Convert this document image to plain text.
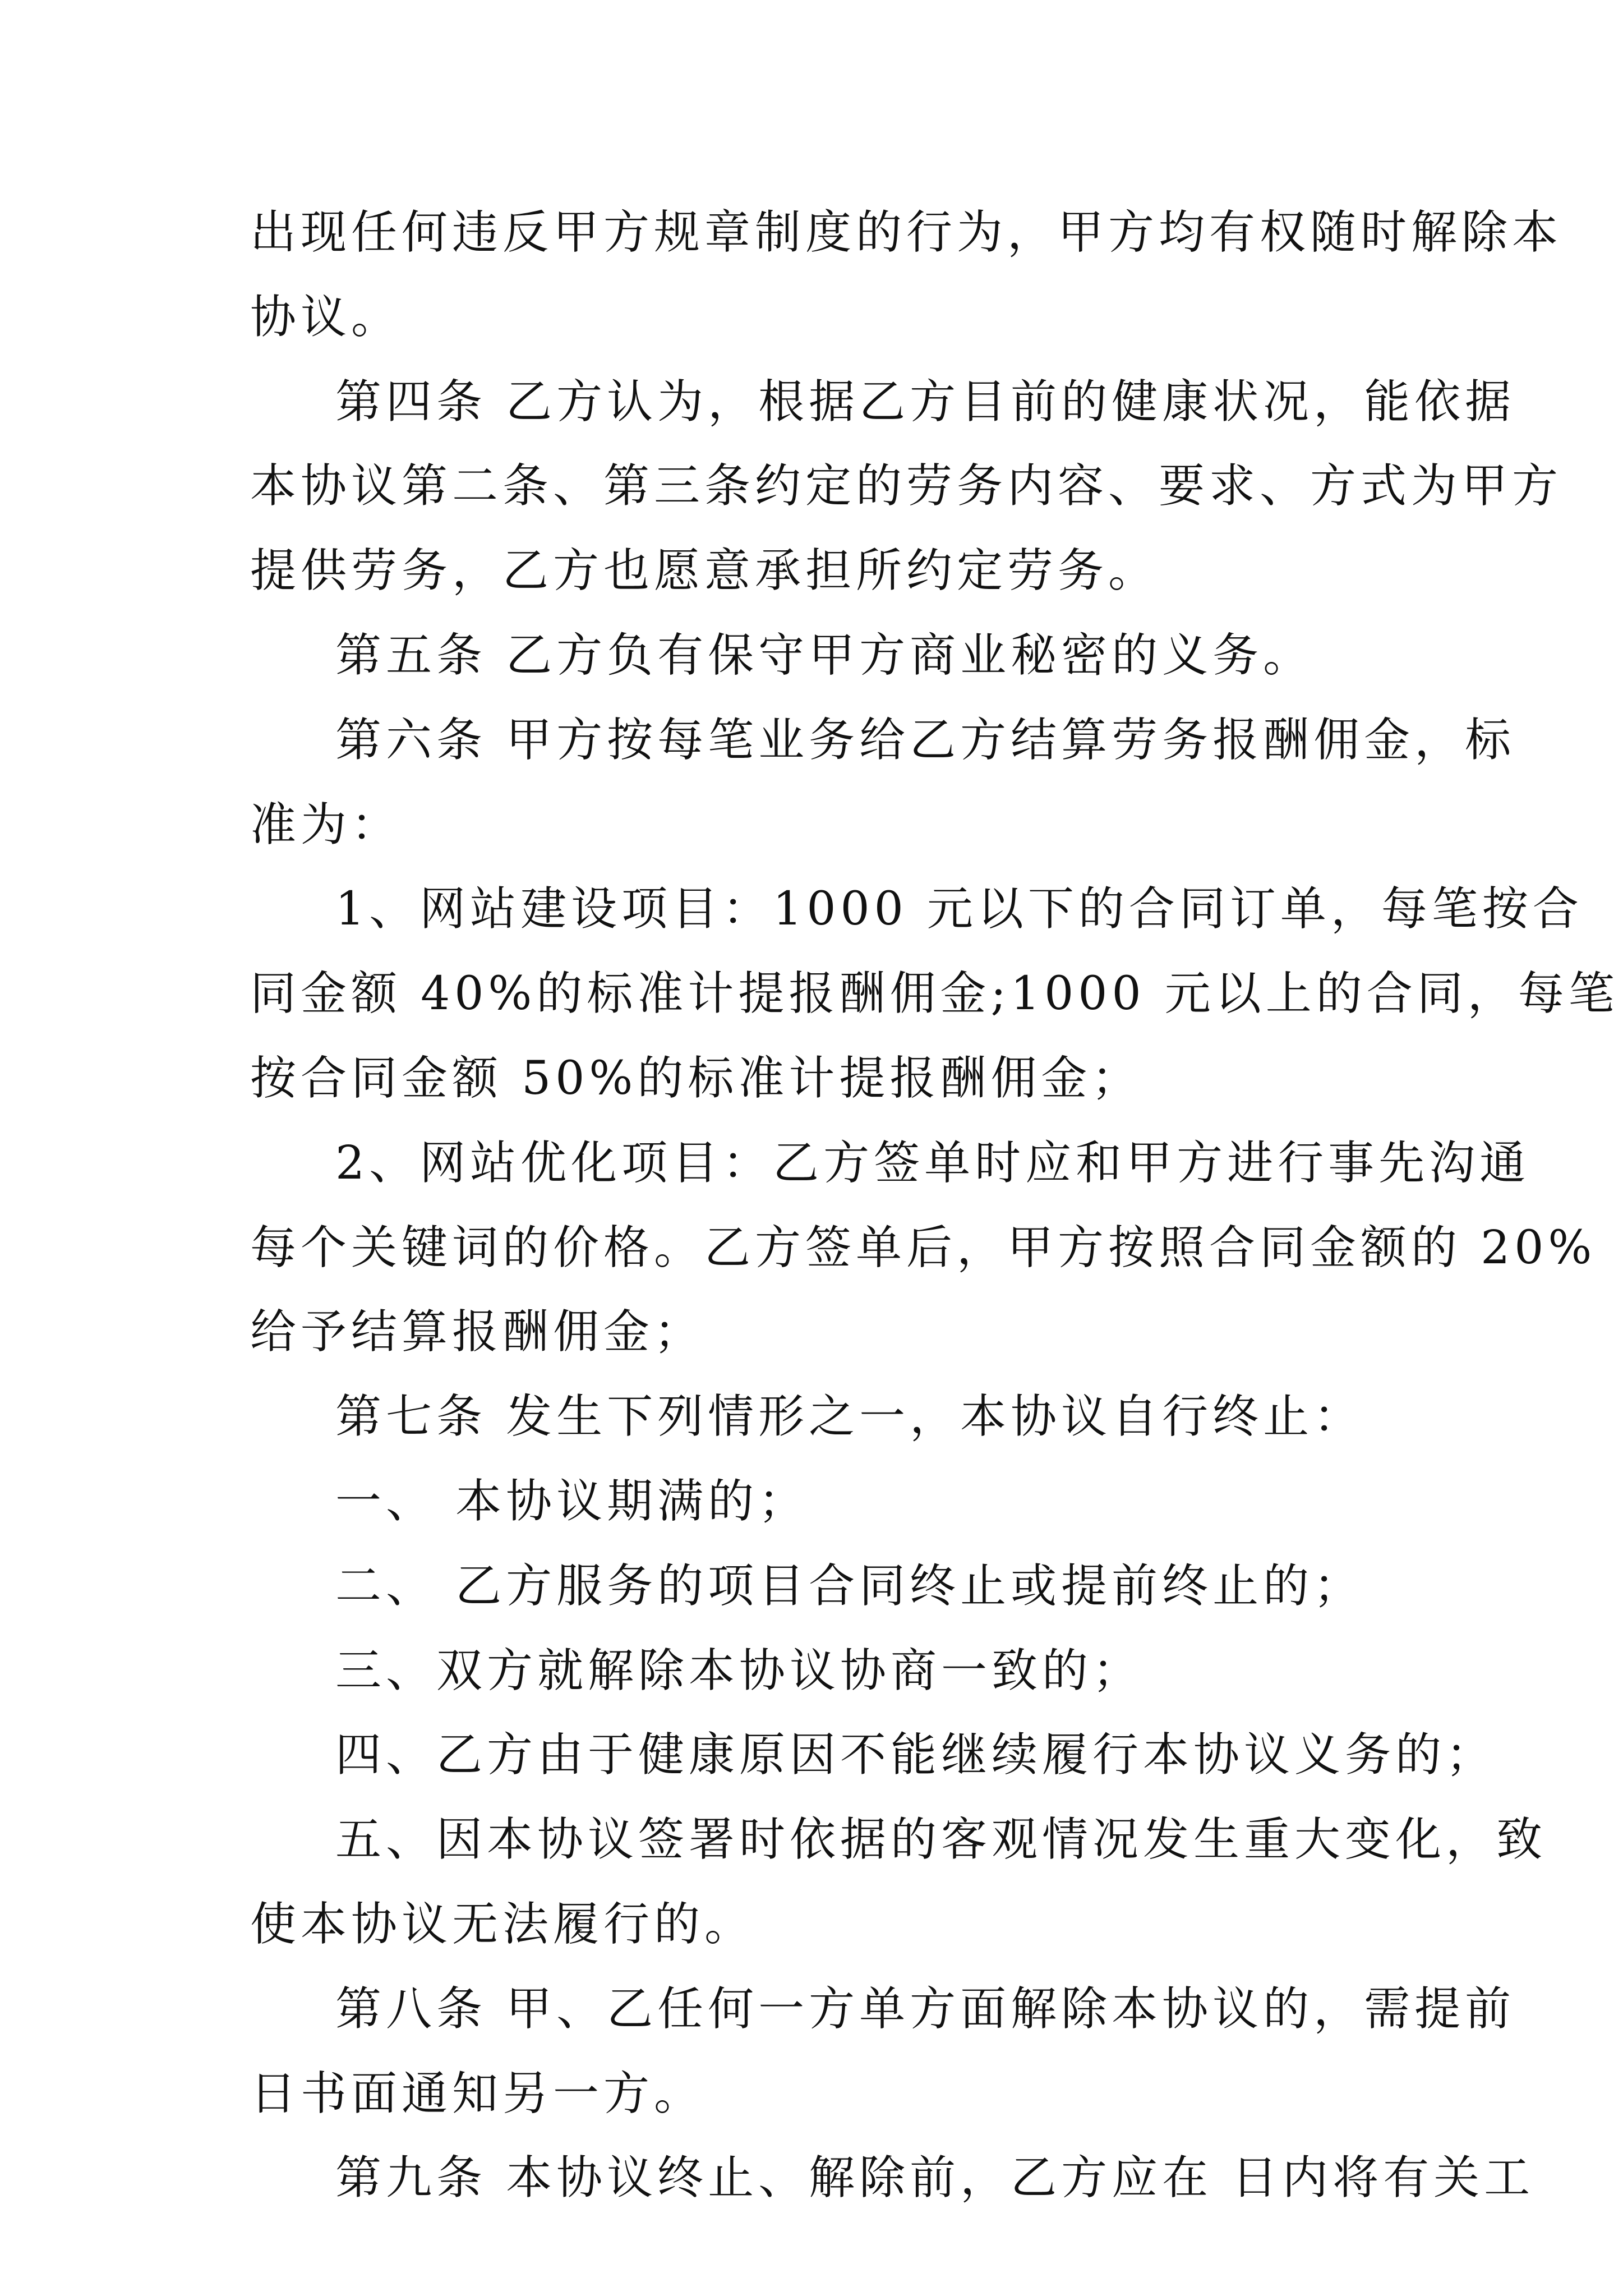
出现任何违反甲方规章制度的行为，甲方均有权随时解除本
协议。
第四条 乙方认为，根据乙方目前的健康状况，能依据
本协议第二条、第三条约定的劳务内容、要求、方式为甲方
提供劳务，乙方也愿意承担所约定劳务。
第五条 乙方负有保守甲方商业秘密的义务。
第六条 甲方按每笔业务给乙方结算劳务报酬佣金，标
准为：
1、网站建设项目：1000 元以下的合同订单，每笔按合
同金额 40%的标准计提报酬佣金;1000 元以上的合同，每笔
按合同金额 50%的标准计提报酬佣金；
2、网站优化项目：乙方签单时应和甲方进行事先沟通
每个关键词的价格。乙方签单后，甲方按照合同金额的 20%
给予结算报酬佣金；
第七条 发生下列情形之一，本协议自行终止：
一、 本协议期满的；
二、 乙方服务的项目合同终止或提前终止的；
三、双方就解除本协议协商一致的；
四、乙方由于健康原因不能继续履行本协议义务的；
五、因本协议签署时依据的客观情况发生重大变化，致
使本协议无法履行的。
第八条 甲、乙任何一方单方面解除本协议的，需提前
日书面通知另一方。
第九条 本协议终止、解除前，乙方应在 日内将有关工
